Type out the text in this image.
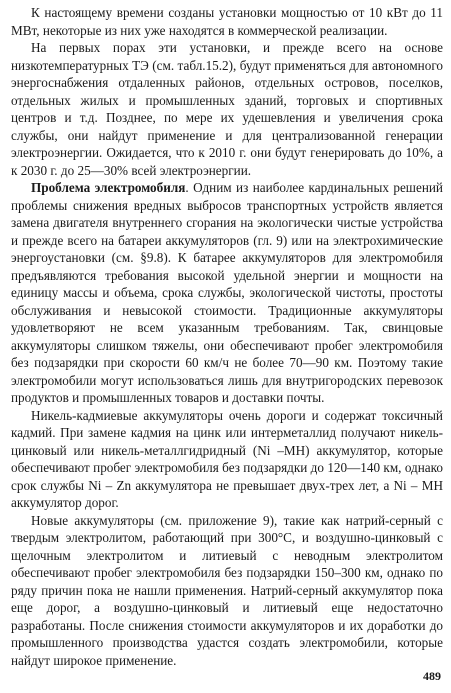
К настоящему времени созданы установки мощностью от 10 кВт до 11 МВт, некоторые из них уже находятся в коммерческой реализации.

На первых порах эти установки, и прежде всего на основе низкотемпературных ТЭ (см. табл.15.2), будут применяться для автономного энергоснабжения отдаленных районов, отдельных островов, поселков, отдельных жилых и промышленных зданий, торговых и спортивных центров и т.д. Позднее, по мере их удешевления и увеличения срока службы, они найдут применение и для централизованной генерации электроэнергии. Ожидается, что к 2010 г. они будут генерировать до 10%, а к 2030 г. до 25—30% всей электроэнергии.

Проблема электромобиля. Одним из наиболее кардинальных решений проблемы снижения вредных выбросов транспортных устройств является замена двигателя внутреннего сгорания на экологически чистые устройства и прежде всего на батареи аккумуляторов (гл. 9) или на электрохимические энергоустановки (см. §9.8). К батарее аккумуляторов для электромобиля предъявляются требования высокой удельной энергии и мощности на единицу массы и объема, срока службы, экологической чистоты, простоты обслуживания и невысокой стоимости. Традиционные аккумуляторы удовлетворяют не всем указанным требованиям. Так, свинцовые аккумуляторы слишком тяжелы, они обеспечивают пробег электромобиля без подзарядки при скорости 60 км/ч не более 70—90 км. Поэтому такие электромобили могут использоваться лишь для внутригородских перевозок продуктов и промышленных товаров и доставки почты.

Никель-кадмиевые аккумуляторы очень дороги и содержат токсичный кадмий. При замене кадмия на цинк или интерметаллид получают никель-цинковый или никель-металлгидридный (Ni –MH) аккумулятор, которые обеспечивают пробег электромобиля без подзарядки до 120—140 км, однако срок службы Ni – Zn аккумулятора не превышает двух-трех лет, а Ni – MH аккумулятор дорог.

Новые аккумуляторы (см. приложение 9), такие как натрий-серный с твердым электролитом, работающий при 300°С, и воздушно-цинковый с щелочным электролитом и литиевый с неводным электролитом обеспечивают пробег электромобиля без подзарядки 150–300 км, однако по ряду причин пока не нашли применения. Натрий-серный аккумулятор пока еще дорог, а воздушно-цинковый и литиевый еще недостаточно разработаны. После снижения стоимости аккумуляторов и их доработки до промышленного производства удастся создать электромобили, которые найдут широкое применение.

489
